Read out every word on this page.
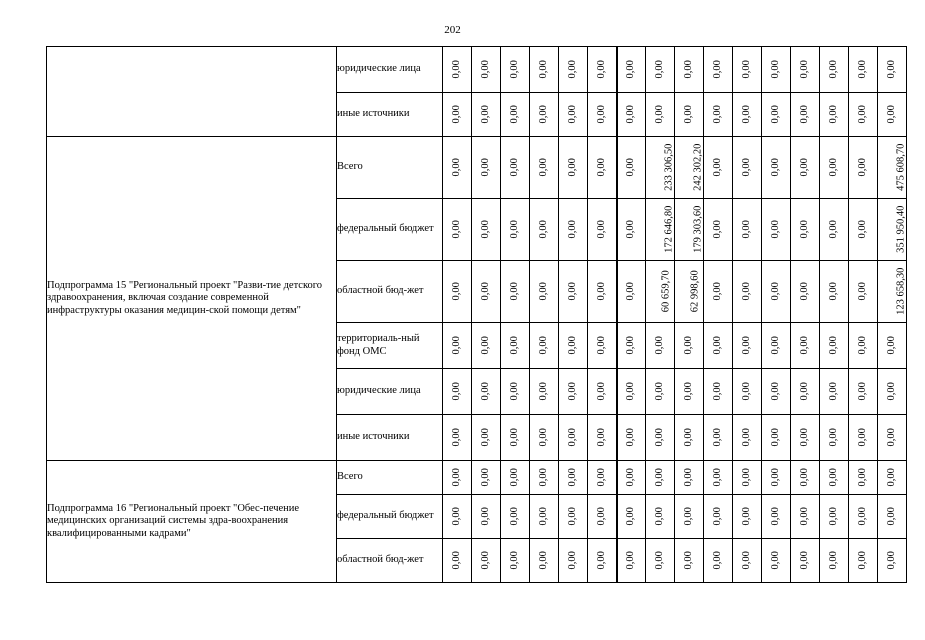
202
	юридические лица	0,00	0,00	0,00	0,00	0,00	0,00	0,00	0,00	0,00	0,00	0,00	0,00	0,00	0,00	0,00	0,00
	иные источники	0,00	0,00	0,00	0,00	0,00	0,00	0,00	0,00	0,00	0,00	0,00	0,00	0,00	0,00	0,00	0,00
Подпрограмма 15 "Региональный проект "Разви-тие детского здравоохранения, включая создание современной инфраструктуры оказания медицин-ской помощи детям"	Всего	0,00	0,00	0,00	0,00	0,00	0,00	0,00	233 306,50	242 302,20	0,00	0,00	0,00	0,00	0,00	0,00	475 608,70
	федеральный бюджет	0,00	0,00	0,00	0,00	0,00	0,00	0,00	172 646,80	179 303,60	0,00	0,00	0,00	0,00	0,00	0,00	351 950,40
	областной бюд-жет	0,00	0,00	0,00	0,00	0,00	0,00	0,00	60 659,70	62 998,60	0,00	0,00	0,00	0,00	0,00	0,00	123 658,30
	территориаль-ный фонд ОМС	0,00	0,00	0,00	0,00	0,00	0,00	0,00	0,00	0,00	0,00	0,00	0,00	0,00	0,00	0,00	0,00
	юридические лица	0,00	0,00	0,00	0,00	0,00	0,00	0,00	0,00	0,00	0,00	0,00	0,00	0,00	0,00	0,00	0,00
	иные источники	0,00	0,00	0,00	0,00	0,00	0,00	0,00	0,00	0,00	0,00	0,00	0,00	0,00	0,00	0,00	0,00
Подпрограмма 16 "Региональный проект "Обес-печение медицинских организаций системы здра-воохранения квалифицированными кадрами"	Всего	0,00	0,00	0,00	0,00	0,00	0,00	0,00	0,00	0,00	0,00	0,00	0,00	0,00	0,00	0,00	0,00
	федеральный бюджет	0,00	0,00	0,00	0,00	0,00	0,00	0,00	0,00	0,00	0,00	0,00	0,00	0,00	0,00	0,00	0,00
	областной бюд-жет	0,00	0,00	0,00	0,00	0,00	0,00	0,00	0,00	0,00	0,00	0,00	0,00	0,00	0,00	0,00	0,00
